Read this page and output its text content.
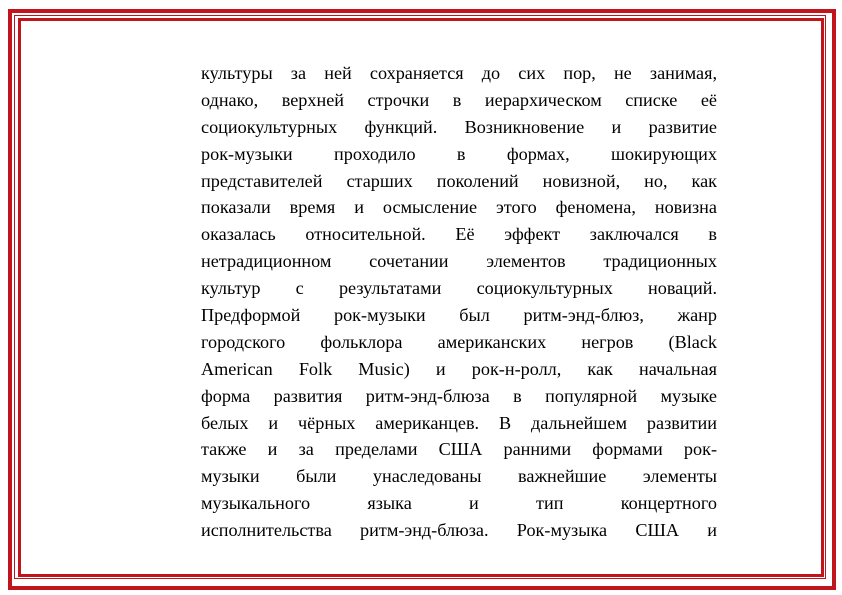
культуры за ней сохраняется до сих пор, не занимая,
однако, верхней строчки в иерархическом списке её
социокультурных функций. Возникновение и развитие
рок-музыки проходило в формах, шокирующих
представителей старших поколений новизной, но, как
показали время и осмысление этого феномена, новизна
оказалась относительной. Её эффект заключался в
нетрадиционном сочетании элементов традиционных
культур с результатами социокультурных новаций.
Предформой рок-музыки был ритм-энд-блюз, жанр
городского фольклора американских негров (Black
American Folk Music) и рок-н-ролл, как начальная
форма развития ритм-энд-блюза в популярной музыке
белых и чёрных американцев. В дальнейшем развитии
также и за пределами США ранними формами рок-
музыки были унаследованы важнейшие элементы
музыкального языка и тип концертного
исполнительства ритм-энд-блюза. Рок-музыка США и
